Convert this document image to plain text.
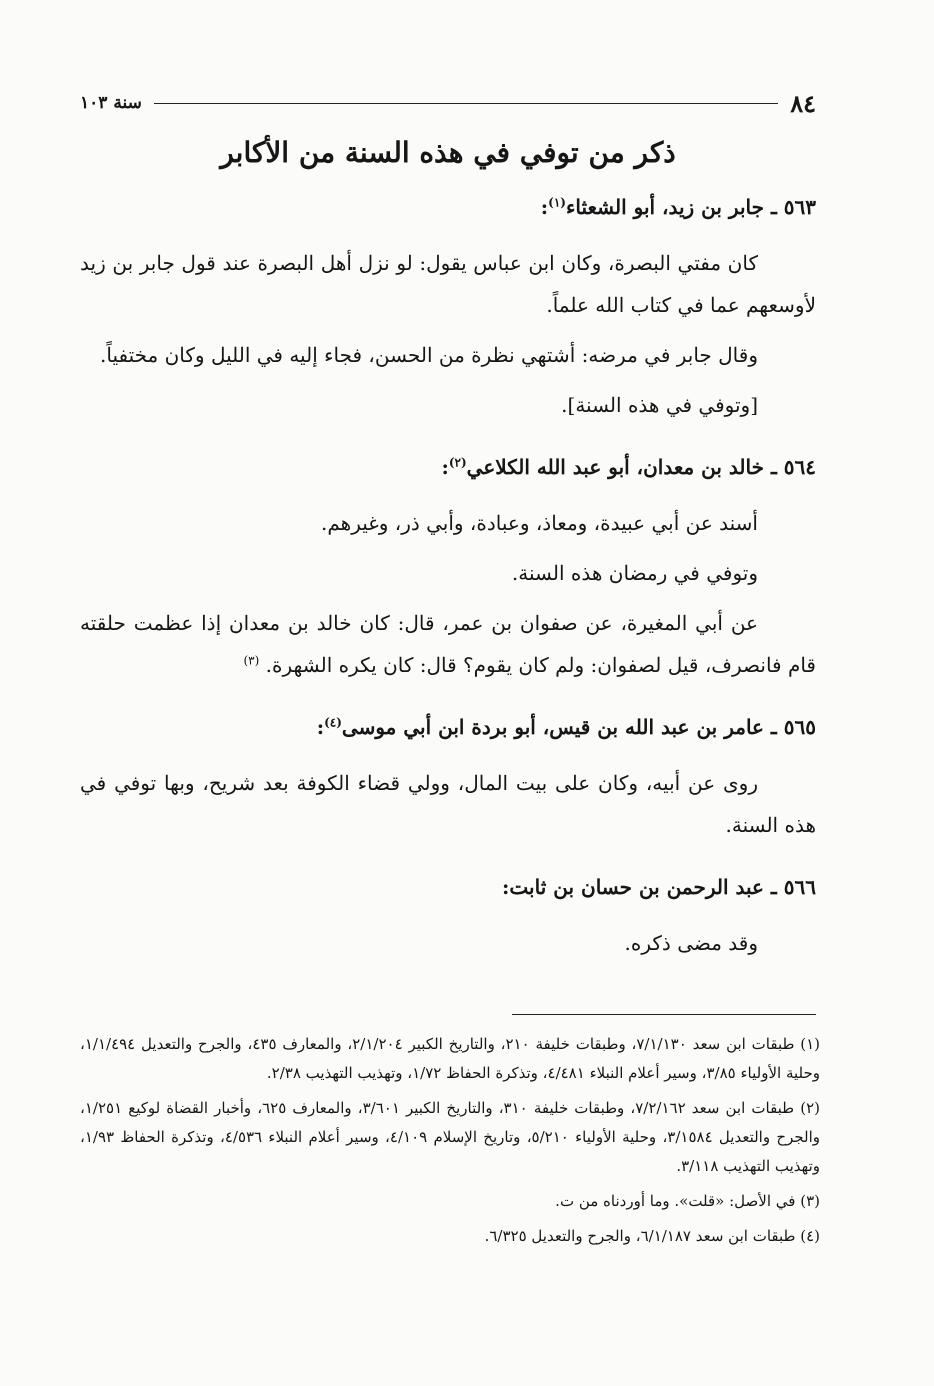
٨٤
سنة ١٠٣
ذكر من توفي في هذه السنة من الأكابر
٥٦٣ ـ جابر بن زيد، أبو الشعثاء$^{(١)}$:

كان مفتي البصرة، وكان ابن عباس يقول: لو نزل أهل البصرة عند قول جابر بن زيد لأوسعهم عما في كتاب الله علماً.

وقال جابر في مرضه: أشتهي نظرة من الحسن، فجاء إليه في الليل وكان مختفياً.

[وتوفي في هذه السنة].

٥٦٤ ـ خالد بن معدان، أبو عبد الله الكلاعي$^{(٢)}$:

أسند عن أبي عبيدة، ومعاذ، وعبادة، وأبي ذر، وغيرهم.

وتوفي في رمضان هذه السنة.

عن أبي المغيرة، عن صفوان بن عمر، قال: كان خالد بن معدان إذا عظمت حلقته قام فانصرف، قيل لصفوان: ولم كان يقوم؟ قال: كان يكره الشهرة. $^{(٣)}$

٥٦٥ ـ عامر بن عبد الله بن قيس، أبو بردة ابن أبي موسى$^{(٤)}$:

روى عن أبيه، وكان على بيت المال، وولي قضاء الكوفة بعد شريح، وبها توفي في هذه السنة.

٥٦٦ ـ عبد الرحمن بن حسان بن ثابت:

وقد مضى ذكره.

(١) طبقات ابن سعد ٧/١/١٣٠، وطبقات خليفة ٢١٠، والتاريخ الكبير ٢/١/٢٠٤، والمعارف ٤٣٥، والجرح والتعديل ١/١/٤٩٤، وحلية الأولياء ٣/٨٥، وسير أعلام النبلاء ٤/٤٨١، وتذكرة الحفاظ ١/٧٢، وتهذيب التهذيب ٢/٣٨.

(٢) طبقات ابن سعد ٧/٢/١٦٢، وطبقات خليفة ٣١٠، والتاريخ الكبير ٣/٦٠١، والمعارف ٦٢٥، وأخبار القضاة لوكيع ١/٢٥١، والجرح والتعديل ٣/١٥٨٤، وحلية الأولياء ٥/٢١٠، وتاريخ الإسلام ٤/١٠٩، وسير أعلام النبلاء ٤/٥٣٦، وتذكرة الحفاظ ١/٩٣، وتهذيب التهذيب ٣/١١٨.

(٣) في الأصل: «قلت». وما أوردناه من ت.

(٤) طبقات ابن سعد ٦/١/١٨٧، والجرح والتعديل ٦/٣٢٥.
